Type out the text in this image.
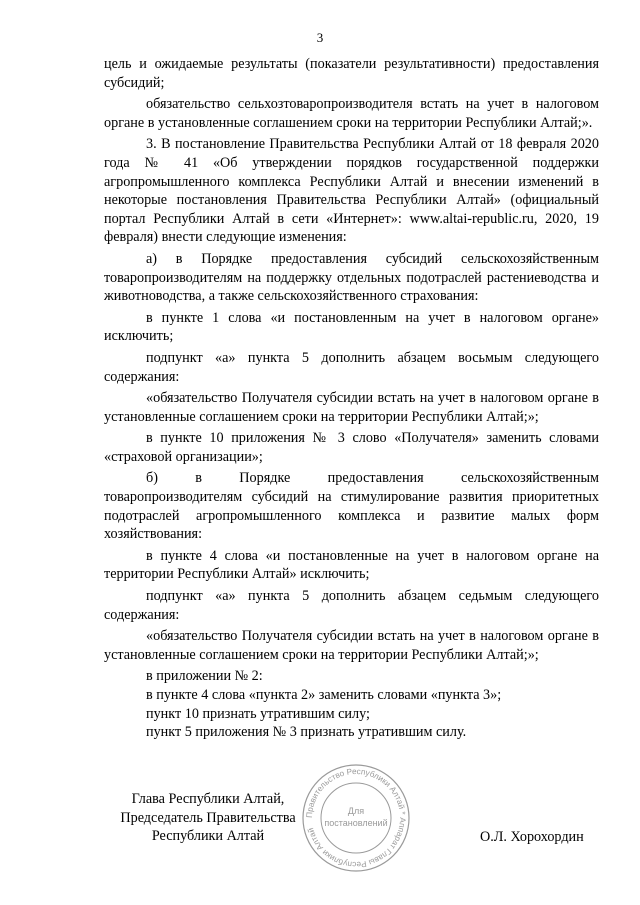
3

цель и ожидаемые результаты (показатели результативности) предоставления субсидий;

обязательство сельхозтоваропроизводителя встать на учет в налоговом органе в установленные соглашением сроки на территории Республики Алтай;».

3. В постановление Правительства Республики Алтай от 18 февраля 2020 года № 41 «Об утверждении порядков государственной поддержки агропромышленного комплекса Республики Алтай и внесении изменений в некоторые постановления Правительства Республики Алтай» (официальный портал Республики Алтай в сети «Интернет»: www.altai-republic.ru, 2020, 19 февраля) внести следующие изменения:

а) в Порядке предоставления субсидий сельскохозяйственным товаропроизводителям на поддержку отдельных подотраслей растениеводства и животноводства, а также сельскохозяйственного страхования:

в пункте 1 слова «и постановленным на учет в налоговом органе» исключить;

подпункт «а» пункта 5 дополнить абзацем восьмым следующего содержания:

«обязательство Получателя субсидии встать на учет в налоговом органе в установленные соглашением сроки на территории Республики Алтай;»;

в пункте 10 приложения № 3 слово «Получателя» заменить словами «страховой организации»;

б) в Порядке предоставления сельскохозяйственным товаропроизводителям субсидий на стимулирование развития приоритетных подотраслей агропромышленного комплекса и развитие малых форм хозяйствования:

в пункте 4 слова «и постановленные на учет в налоговом органе на территории Республики Алтай» исключить;

подпункт «а» пункта 5 дополнить абзацем седьмым следующего содержания:

«обязательство Получателя субсидии встать на учет в налоговом органе в установленные соглашением сроки на территории Республики Алтай;»;

в приложении № 2:

в пункте 4 слова «пункта 2» заменить словами «пункта 3»;

пункт 10 признать утратившим силу;

пункт 5 приложения № 3 признать утратившим силу.

Глава Республики Алтай,
Председатель Правительства
Республики Алтай	О.Л. Хорохордин
Правительство Республики Алтай * Аппарат Главы Республики Алтай
Для
постановлений
